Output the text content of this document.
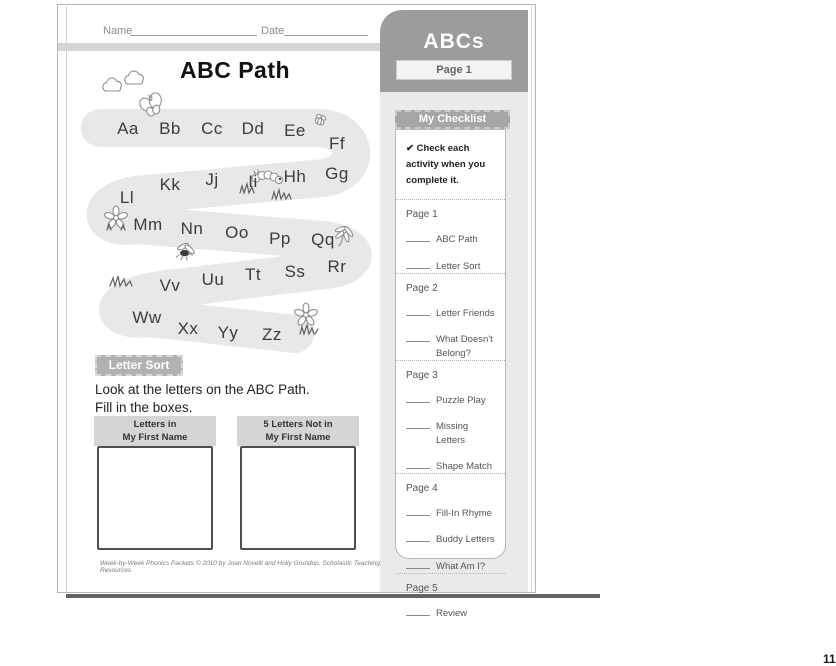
Name	Date
ABC Path
Aa Bb Cc Dd Ee
Ff
Gg
Hh
Ii
Jj
Kk
Ll
Mm Nn Oo Pp Qq
Rr
Ss
Tt
Uu
Vv
Ww
Xx Yy Zz
Letter Sort
Look at the letters on the ABC Path.
Fill in the boxes.
Letters in
My First Name
5 Letters Not in
My First Name
Week-by-Week Phonics Packets © 2010 by Joan Novelli and Holly Grundon, Scholastic Teaching Resources
ABCs
Page 1
My Checklist
✔ Check each activity when you complete it.
Page 1
ABC Path
Letter Sort
Page 2
Letter Friends
What Doesn't Belong?
Page 3
Puzzle Play
Missing Letters
Shape Match
Page 4
Fill-In Rhyme
Buddy Letters
What Am I?
Page 5
Review
11
